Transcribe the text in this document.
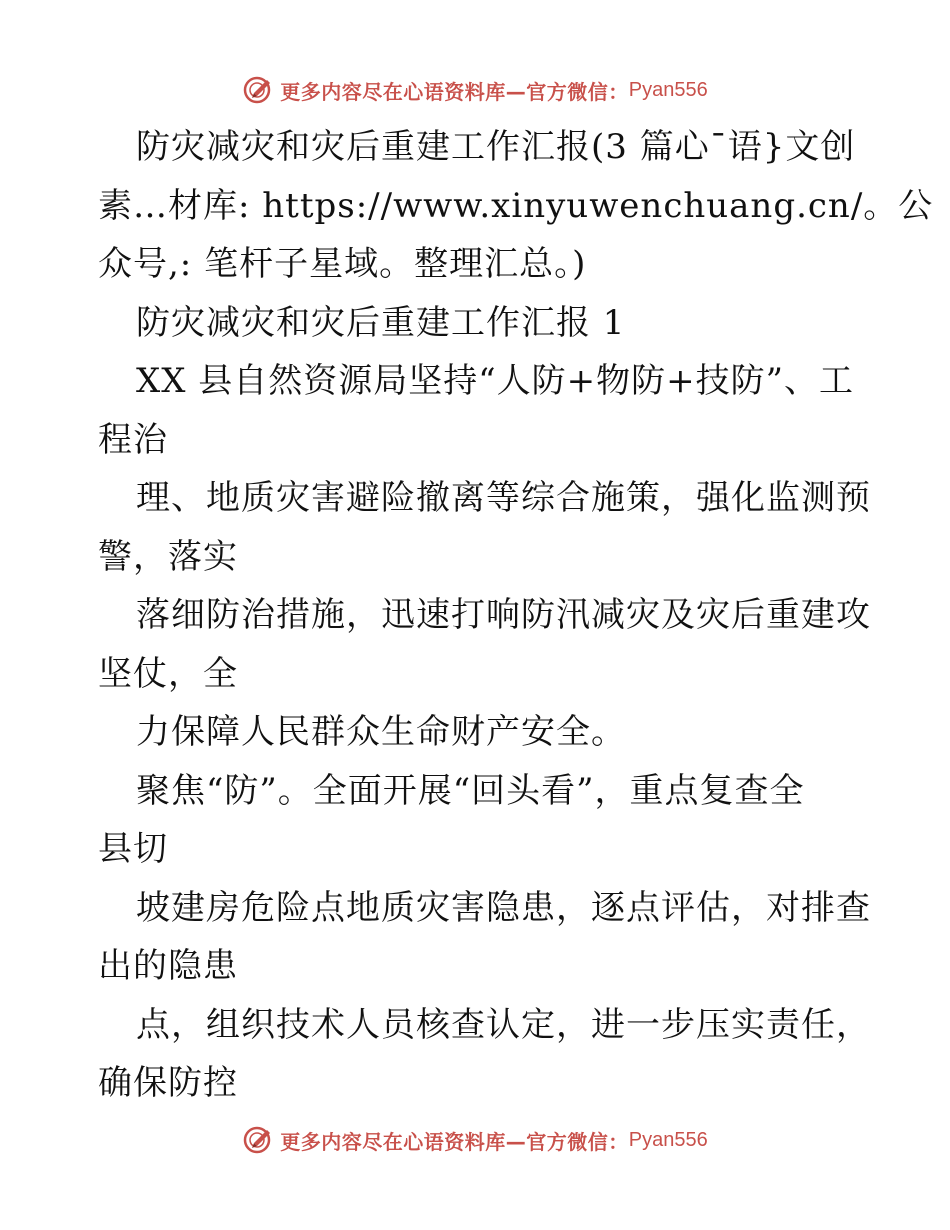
更多内容尽在心语资料库—官方微信： Pyan556
防灾减灾和灾后重建工作汇报(3 篇心¯语}文创
素…材库: https://www.xinyuwenchuang.cn/。公
众号,: 笔杆子星域。整理汇总。)
防灾减灾和灾后重建工作汇报 1
XX 县自然资源局坚持“人防+物防+技防”、工
程治
理、地质灾害避险撤离等综合施策，强化监测预
警，落实
落细防治措施，迅速打响防汛减灾及灾后重建攻
坚仗，全
力保障人民群众生命财产安全。
聚焦“防”。全面开展“回头看”，重点复查全
县切
坡建房危险点地质灾害隐患，逐点评估，对排查
出的隐患
点，组织技术人员核查认定，进一步压实责任，
确保防控
更多内容尽在心语资料库—官方微信： Pyan556
